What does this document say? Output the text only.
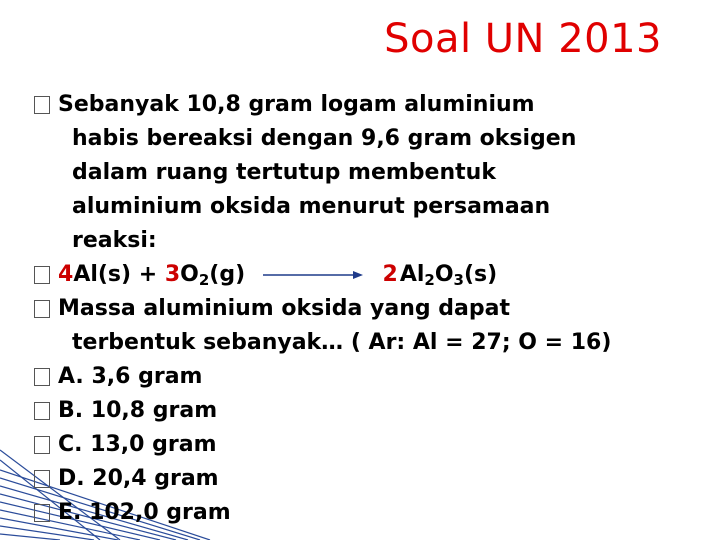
Soal UN 2013
Sebanyak 10,8 gram logam aluminium
habis bereaksi dengan 9,6 gram oksigen
dalam ruang tertutup membentuk
aluminium oksida menurut persamaan
reaksi:
$4Al(s) + 3O_2(g)$	$2Al_2O_3(s)$
Massa aluminium oksida yang dapat
terbentuk sebanyak… ( Ar: Al = 27; O = 16)
A.
3,6 gram
B.
10,8 gram
C.
13,0 gram
D.
20,4 gram
E.
102,0 gram
